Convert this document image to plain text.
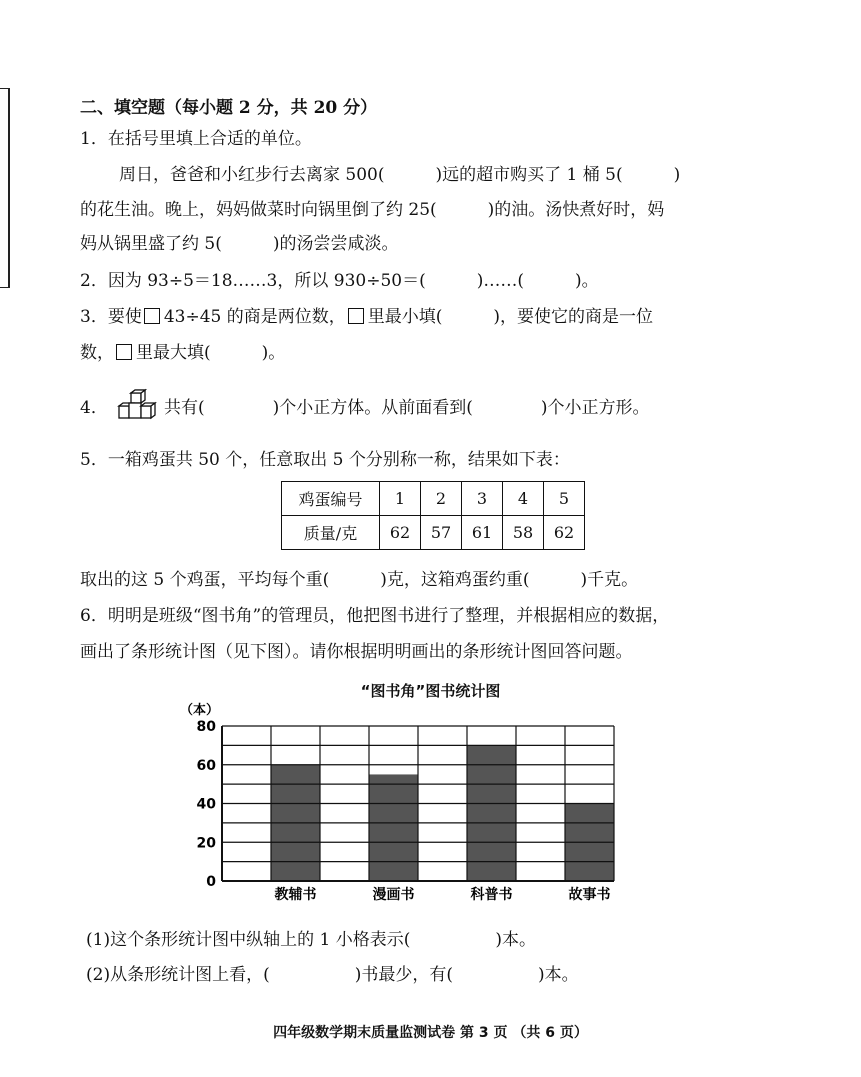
二、填空题（每小题 2 分，共 20 分）
1．在括号里填上合适的单位。
周日，爸爸和小红步行去离家 500(　　　)远的超市购买了 1 桶 5(　　　)
的花生油。晚上，妈妈做菜时向锅里倒了约 25(　　　)的油。汤快煮好时，妈
妈从锅里盛了约 5(　　　)的汤尝尝咸淡。
2．因为 93÷5＝18……3，所以 930÷50＝(　　　)……(　　　)。
3．要使 43÷45 的商是两位数， 里最小填(　　　)，要使它的商是一位
数， 里最大填(　　　)。
4．	共有(　　　　)个小正方体。从前面看到(　　　　)个小正方形。
5．一箱鸡蛋共 50 个，任意取出 5 个分别称一称，结果如下表：
鸡蛋编号	1	2	3	4	5
质量/克	62	57	61	58	62
取出的这 5 个鸡蛋，平均每个重(　　　)克，这箱鸡蛋约重(　　　)千克。
6．明明是班级“图书角”的管理员，他把图书进行了整理，并根据相应的数据，
画出了条形统计图（见下图）。请你根据明明画出的条形统计图回答问题。
“图书角”图书统计图
0
20
40
60
80
（本）
教辅书	漫画书	科普书	故事书
(1)这个条形统计图中纵轴上的 1 小格表示(　　　　　)本。
(2)从条形统计图上看，(　　　　　)书最少，有(　　　　　)本。
四年级数学期末质量监测试卷 第 3 页 （共 6 页）
